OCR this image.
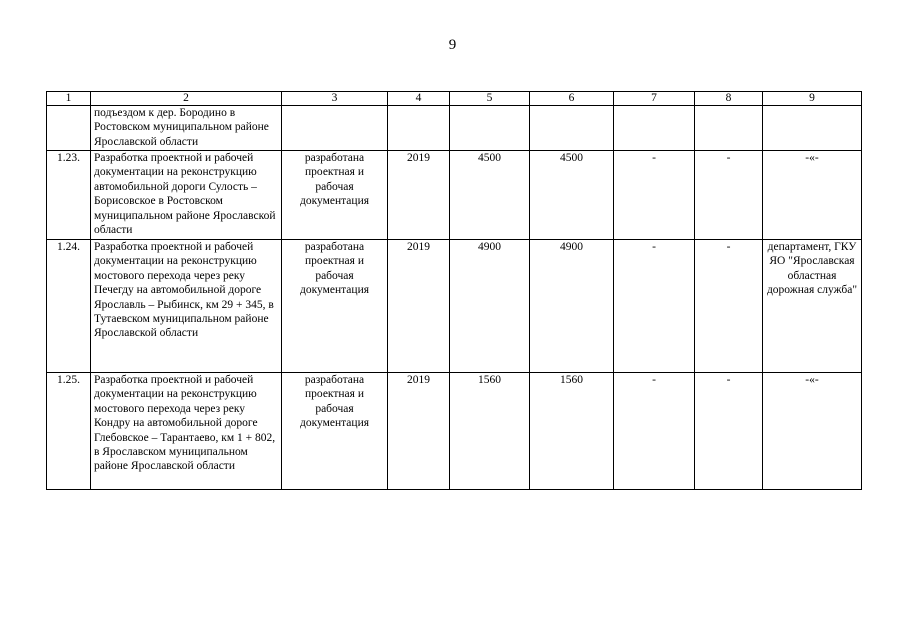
9
1	2	3	4	5	6	7	8	9
	подъездом к дер. Бородино в Ростовском муниципальном районе Ярославской области							
1.23.	Разработка проектной и рабочей документации на реконструкцию автомобильной дороги Сулость – Борисовское в Ростовском муниципальном районе Ярославской области	разработана проектная и рабочая документация	2019	4500	4500	-	-	-«-
1.24.	Разработка проектной и рабочей документации на реконструкцию мостового перехода через реку Печегду на автомобильной дороге Ярославль – Рыбинск, км 29 + 345, в Тутаевском муниципальном районе Ярославской области	разработана проектная и рабочая документация	2019	4900	4900	-	-	департамент, ГКУ ЯО "Ярославская областная дорожная служба"
1.25.	Разработка проектной и рабочей документации на реконструкцию мостового перехода через реку Кондру на автомобильной дороге Глебовское – Тарантаево, км 1 + 802, в Ярославском муниципальном районе Ярославской области	разработана проектная и рабочая документация	2019	1560	1560	-	-	-«-
